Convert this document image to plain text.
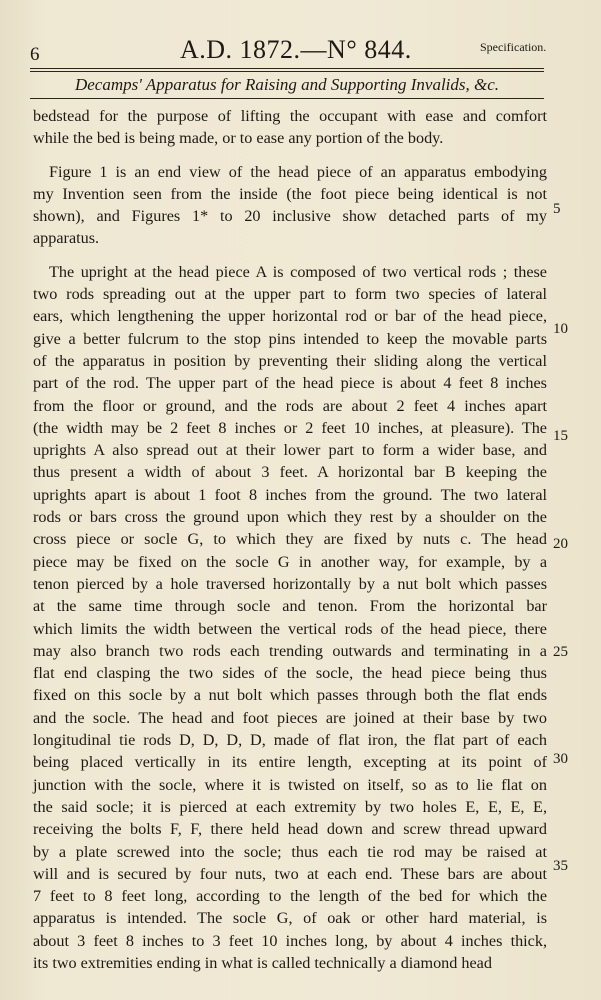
6	A.D. 1872.—N° 844.	Specification.
Decamps' Apparatus for Raising and Supporting Invalids, &c.
bedstead for the purpose of lifting the occupant with ease and comfort
while the bed is being made, or to ease any portion of the body.
Figure 1 is an end view of the head piece of an apparatus embodying
my Invention seen from the inside (the foot piece being identical is not
shown), and Figures 1* to 20 inclusive show detached parts of my
apparatus.
The upright at the head piece A is composed of two vertical rods ; these
two rods spreading out at the upper part to form two species of lateral
ears, which lengthening the upper horizontal rod or bar of the head piece,
give a better fulcrum to the stop pins intended to keep the movable parts
of the apparatus in position by preventing their sliding along the vertical
part of the rod. The upper part of the head piece is about 4 feet 8 inches
from the floor or ground, and the rods are about 2 feet 4 inches apart
(the width may be 2 feet 8 inches or 2 feet 10 inches, at pleasure). The
uprights A also spread out at their lower part to form a wider base, and
thus present a width of about 3 feet. A horizontal bar B keeping the
uprights apart is about 1 foot 8 inches from the ground. The two lateral
rods or bars cross the ground upon which they rest by a shoulder on the
cross piece or socle G, to which they are fixed by nuts c. The head
piece may be fixed on the socle G in another way, for example, by a
tenon pierced by a hole traversed horizontally by a nut bolt which passes
at the same time through socle and tenon. From the horizontal bar
which limits the width between the vertical rods of the head piece, there
may also branch two rods each trending outwards and terminating in a
flat end clasping the two sides of the socle, the head piece being thus
fixed on this socle by a nut bolt which passes through both the flat ends
and the socle. The head and foot pieces are joined at their base by two
longitudinal tie rods D, D, D, D, made of flat iron, the flat part of each
being placed vertically in its entire length, excepting at its point of
junction with the socle, where it is twisted on itself, so as to lie flat on
the said socle; it is pierced at each extremity by two holes E, E, E, E,
receiving the bolts F, F, there held head down and screw thread upward
by a plate screwed into the socle; thus each tie rod may be raised at
will and is secured by four nuts, two at each end. These bars are about
7 feet to 8 feet long, according to the length of the bed for which the
apparatus is intended. The socle G, of oak or other hard material, is
about 3 feet 8 inches to 3 feet 10 inches long, by about 4 inches thick,
its two extremities ending in what is called technically a diamond head
5
10
15
20
25
30
35
